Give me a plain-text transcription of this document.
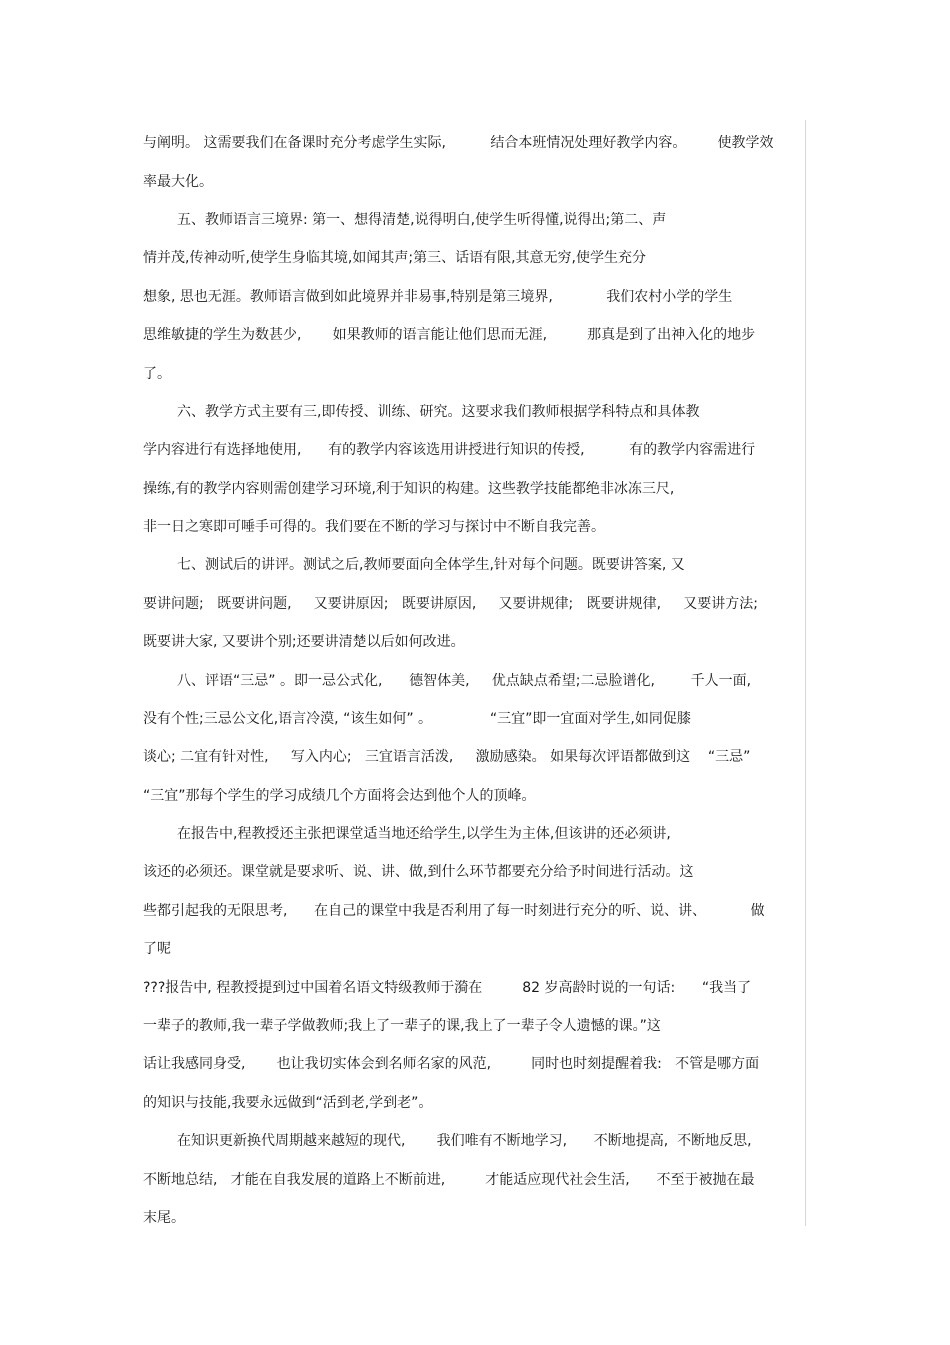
与阐明。 这需要我们在备课时充分考虑学生实际,          结合本班情况处理好教学内容。       使教学效
率最大化。
五、教师语言三境界: 第一、想得清楚,说得明白,使学生听得懂,说得出;第二、声
情并茂,传神动听,使学生身临其境,如闻其声;第三、话语有限,其意无穷,使学生充分
想象, 思也无涯。教师语言做到如此境界并非易事,特别是第三境界,            我们农村小学的学生
思维敏捷的学生为数甚少,       如果教师的语言能让他们思而无涯,         那真是到了出神入化的地步
了。
六、教学方式主要有三,即传授、训练、研究。这要求我们教师根据学科特点和具体教
学内容进行有选择地使用,      有的教学内容该选用讲授进行知识的传授,          有的教学内容需进行
操练,有的教学内容则需创建学习环境,利于知识的构建。这些教学技能都绝非冰冻三尺,
非一日之寒即可唾手可得的。我们要在不断的学习与探讨中不断自我完善。
七、测试后的讲评。测试之后,教师要面向全体学生,针对每个问题。既要讲答案, 又
要讲问题;   既要讲问题,     又要讲原因;   既要讲原因,     又要讲规律;   既要讲规律,     又要讲方法;
既要讲大家, 又要讲个别;还要讲清楚以后如何改进。
八、评语“三忌” 。即一忌公式化,      德智体美,     优点缺点希望;二忌脸谱化,        千人一面,
没有个性;三忌公文化,语言冷漠, “该生如何” 。             “三宜”即一宜面对学生,如同促膝
谈心; 二宜有针对性,     写入内心;   三宜语言活泼,     激励感染。 如果每次评语都做到这    “三忌”
“三宜”那每个学生的学习成绩几个方面将会达到他个人的顶峰。
在报告中,程教授还主张把课堂适当地还给学生,以学生为主体,但该讲的还必须讲,
该还的必须还。课堂就是要求听、说、讲、做,到什么环节都要充分给予时间进行活动。这
些都引起我的无限思考,      在自己的课堂中我是否利用了每一时刻进行充分的听、说、讲、          做
了呢
???报告中, 程教授提到过中国着名语文特级教师于漪在         82 岁高龄时说的一句话:      “我当了
一辈子的教师,我一辈子学做教师;我上了一辈子的课,我上了一辈子令人遗憾的课。”这
话让我感同身受,       也让我切实体会到名师名家的风范,         同时也时刻提醒着我:   不管是哪方面
的知识与技能,我要永远做到“活到老,学到老”。
在知识更新换代周期越来越短的现代,       我们唯有不断地学习,      不断地提高,  不断地反思,
不断地总结,   才能在自我发展的道路上不断前进,         才能适应现代社会生活,      不至于被抛在最
末尾。
